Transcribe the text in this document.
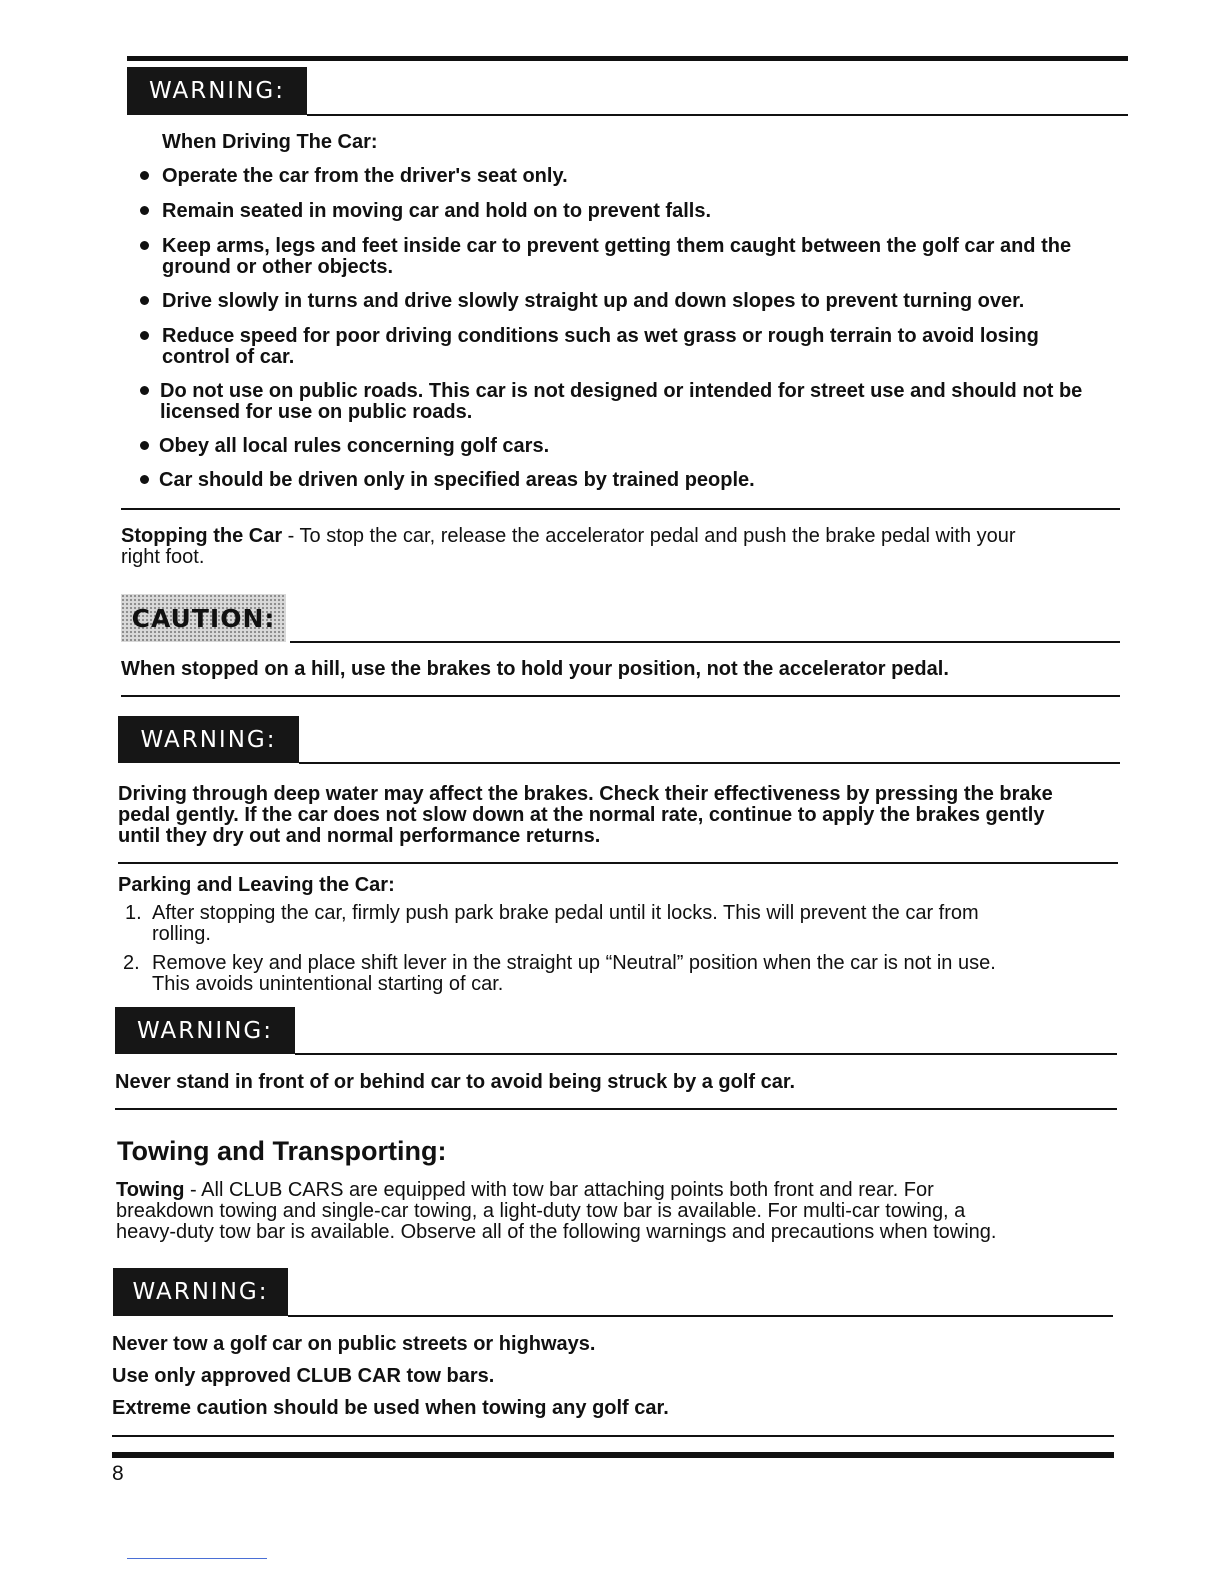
WARNING:
When Driving The Car:
Operate the car from the driver's seat only.
Remain seated in moving car and hold on to prevent falls.
Keep arms, legs and feet inside car to prevent getting them caught between the golf car and the
ground or other objects.
Drive slowly in turns and drive slowly straight up and down slopes to prevent turning over.
Reduce speed for poor driving conditions such as wet grass or rough terrain to avoid losing
control of car.
Do not use on public roads. This car is not designed or intended for street use and should not be
licensed for use on public roads.
Obey all local rules concerning golf cars.
Car should be driven only in specified areas by trained people.
Stopping the Car - To stop the car, release the accelerator pedal and push the brake pedal with your
right foot.
CAUTION:
When stopped on a hill, use the brakes to hold your position, not the accelerator pedal.
WARNING:
Driving through deep water may affect the brakes. Check their effectiveness by pressing the brake
pedal gently. If the car does not slow down at the normal rate, continue to apply the brakes gently
until they dry out and normal performance returns.
Parking and Leaving the Car:
1. After stopping the car, firmly push park brake pedal until it locks. This will prevent the car from
rolling.
2. Remove key and place shift lever in the straight up “Neutral” position when the car is not in use.
This avoids unintentional starting of car.
WARNING:
Never stand in front of or behind car to avoid being struck by a golf car.
Towing and Transporting:
Towing - All CLUB CARS are equipped with tow bar attaching points both front and rear. For
breakdown towing and single-car towing, a light-duty tow bar is available. For multi-car towing, a
heavy-duty tow bar is available. Observe all of the following warnings and precautions when towing.
WARNING:
Never tow a golf car on public streets or highways.
Use only approved CLUB CAR tow bars.
Extreme caution should be used when towing any golf car.
8
